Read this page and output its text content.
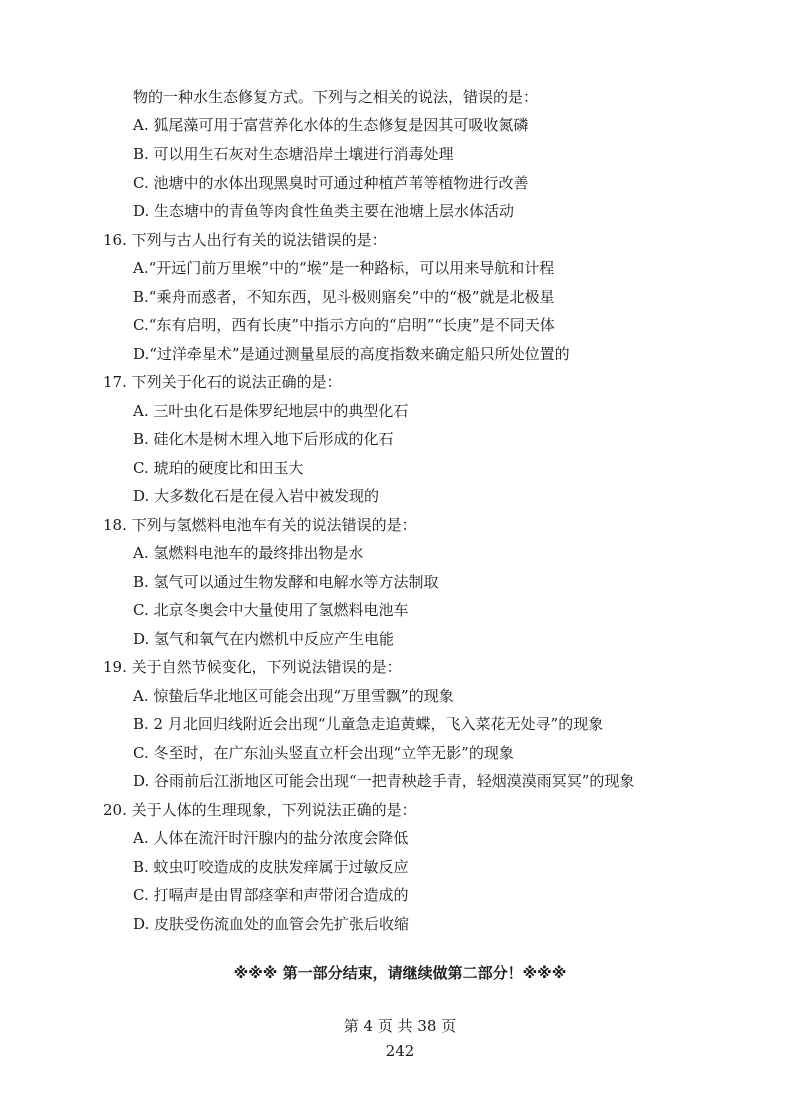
物的一种水生态修复方式。下列与之相关的说法，错误的是：
A. 狐尾藻可用于富营养化水体的生态修复是因其可吸收氮磷
B. 可以用生石灰对生态塘沿岸土壤进行消毒处理
C. 池塘中的水体出现黑臭时可通过种植芦苇等植物进行改善
D. 生态塘中的青鱼等肉食性鱼类主要在池塘上层水体活动
16. 下列与古人出行有关的说法错误的是：
A.“开远门前万里堠”中的“堠”是一种路标，可以用来导航和计程
B.“乘舟而惑者，不知东西，见斗极则寤矣”中的“极”就是北极星
C.“东有启明，西有长庚”中指示方向的“启明”“长庚”是不同天体
D.“过洋牵星术”是通过测量星辰的高度指数来确定船只所处位置的
17. 下列关于化石的说法正确的是：
A. 三叶虫化石是侏罗纪地层中的典型化石
B. 硅化木是树木埋入地下后形成的化石
C. 琥珀的硬度比和田玉大
D. 大多数化石是在侵入岩中被发现的
18. 下列与氢燃料电池车有关的说法错误的是：
A. 氢燃料电池车的最终排出物是水
B. 氢气可以通过生物发酵和电解水等方法制取
C. 北京冬奥会中大量使用了氢燃料电池车
D. 氢气和氧气在内燃机中反应产生电能
19. 关于自然节候变化，下列说法错误的是：
A. 惊蛰后华北地区可能会出现“万里雪飘”的现象
B. 2 月北回归线附近会出现“儿童急走追黄蝶，飞入菜花无处寻”的现象
C. 冬至时，在广东汕头竖直立杆会出现“立竿无影”的现象
D. 谷雨前后江浙地区可能会出现“一把青秧趁手青，轻烟漠漠雨冥冥”的现象
20. 关于人体的生理现象，下列说法正确的是：
A. 人体在流汗时汗腺内的盐分浓度会降低
B. 蚊虫叮咬造成的皮肤发痒属于过敏反应
C. 打嗝声是由胃部痉挛和声带闭合造成的
D. 皮肤受伤流血处的血管会先扩张后收缩
※※※ 第一部分结束，请继续做第二部分！※※※
第 4 页 共 38 页
242
